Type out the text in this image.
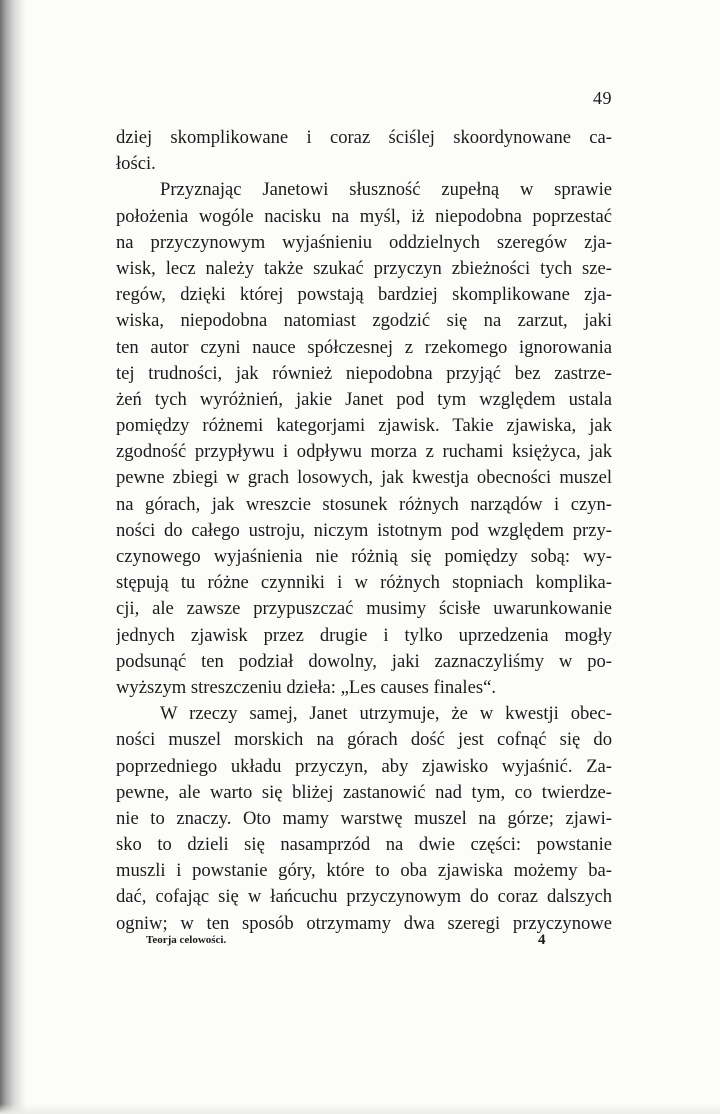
49
dziej skomplikowane i coraz ściślej skoordynowane ca-
łości.
Przyznając Janetowi słuszność zupełną w sprawie
położenia wogóle nacisku na myśl, iż niepodobna poprzestać
na przyczynowym wyjaśnieniu oddzielnych szeregów zja-
wisk, lecz należy także szukać przyczyn zbieżności tych sze-
regów, dzięki której powstają bardziej skomplikowane zja-
wiska, niepodobna natomiast zgodzić się na zarzut, jaki
ten autor czyni nauce spółczesnej z rzekomego ignorowania
tej trudności, jak również niepodobna przyjąć bez zastrze-
żeń tych wyróżnień, jakie Janet pod tym względem ustala
pomiędzy różnemi kategorjami zjawisk. Takie zjawiska, jak
zgodność przypływu i odpływu morza z ruchami księżyca, jak
pewne zbiegi w grach losowych, jak kwestja obecności muszel
na górach, jak wreszcie stosunek różnych narządów i czyn-
ności do całego ustroju, niczym istotnym pod względem przy-
czynowego wyjaśnienia nie różnią się pomiędzy sobą: wy-
stępują tu różne czynniki i w różnych stopniach komplika-
cji, ale zawsze przypuszczać musimy ścisłe uwarunkowanie
jednych zjawisk przez drugie i tylko uprzedzenia mogły
podsunąć ten podział dowolny, jaki zaznaczyliśmy w po-
wyższym streszczeniu dzieła: „Les causes finales“.
W rzeczy samej, Janet utrzymuje, że w kwestji obec-
ności muszel morskich na górach dość jest cofnąć się do
poprzedniego układu przyczyn, aby zjawisko wyjaśnić. Za-
pewne, ale warto się bliżej zastanowić nad tym, co twierdze-
nie to znaczy. Oto mamy warstwę muszel na górze; zjawi-
sko to dzieli się nasamprzód na dwie części: powstanie
muszli i powstanie góry, które to oba zjawiska możemy ba-
dać, cofając się w łańcuchu przyczynowym do coraz dalszych
ogniw; w ten sposób otrzymamy dwa szeregi przyczynowe
Teorja celowości.	4
